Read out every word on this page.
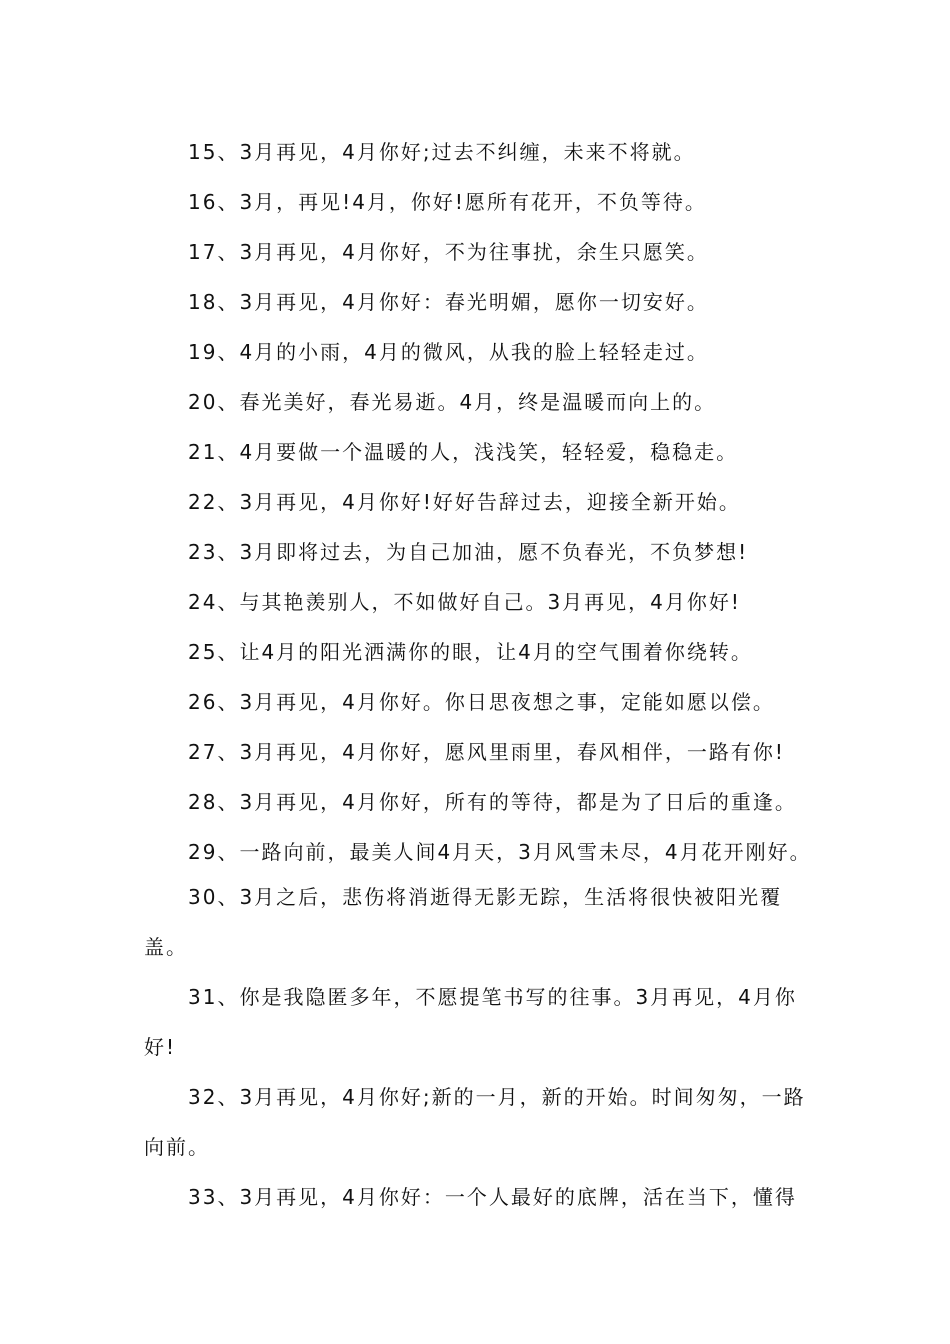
15、3月再见，4月你好;过去不纠缠，未来不将就。

16、3月，再见!4月，你好!愿所有花开，不负等待。

17、3月再见，4月你好，不为往事扰，余生只愿笑。

18、3月再见，4月你好：春光明媚，愿你一切安好。

19、4月的小雨，4月的微风，从我的脸上轻轻走过。

20、春光美好，春光易逝。4月，终是温暖而向上的。

21、4月要做一个温暖的人，浅浅笑，轻轻爱，稳稳走。

22、3月再见，4月你好!好好告辞过去，迎接全新开始。

23、3月即将过去，为自己加油，愿不负春光，不负梦想!

24、与其艳羡别人，不如做好自己。3月再见，4月你好!

25、让4月的阳光洒满你的眼，让4月的空气围着你绕转。

26、3月再见，4月你好。你日思夜想之事，定能如愿以偿。

27、3月再见，4月你好，愿风里雨里，春风相伴，一路有你!

28、3月再见，4月你好，所有的等待，都是为了日后的重逢。

29、一路向前，最美人间4月天，3月风雪未尽，4月花开刚好。

30、3月之后，悲伤将消逝得无影无踪，生活将很快被阳光覆盖。

31、你是我隐匿多年，不愿提笔书写的往事。3月再见，4月你好!

32、3月再见，4月你好;新的一月，新的开始。时间匆匆，一路向前。

33、3月再见，4月你好：一个人最好的底牌，活在当下，懂得
